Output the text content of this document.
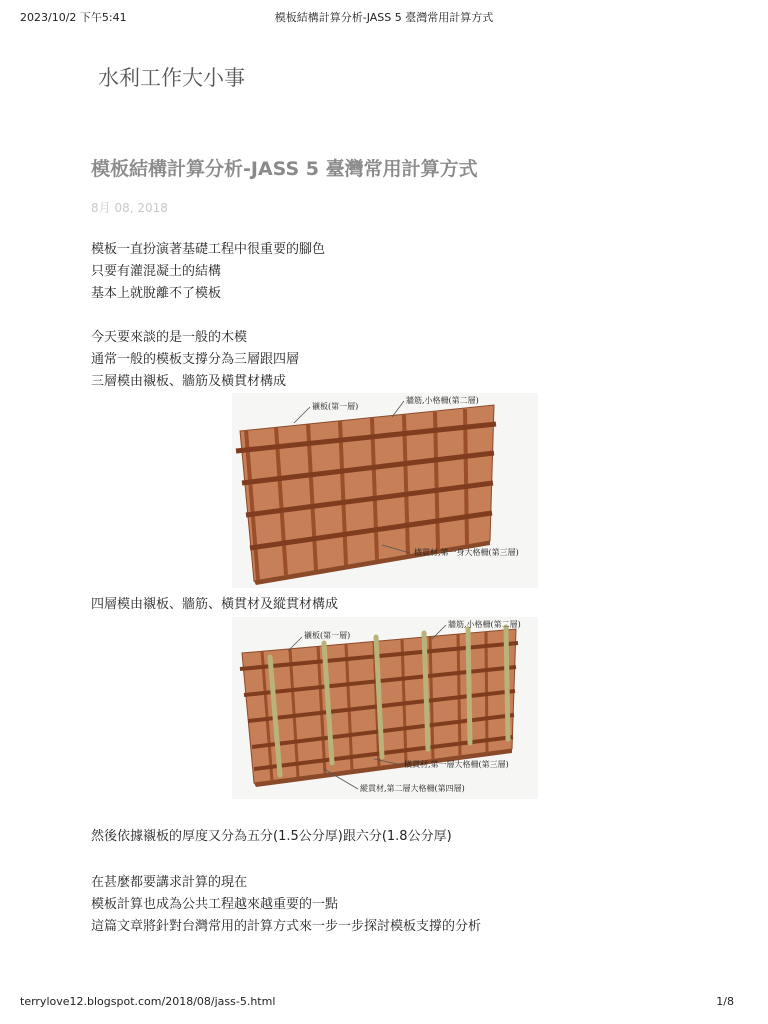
2023/10/2 下午5:41	模板結構計算分析-JASS 5 臺灣常用計算方式
水利工作大小事
模板結構計算分析-JASS 5 臺灣常用計算方式
8月 08, 2018
模板一直扮演著基礎工程中很重要的腳色
只要有灌混凝土的結構
基本上就脫離不了模板
今天要來談的是一般的木模
通常一般的模板支撐分為三層跟四層
三層模由襯板、牆筋及橫貫材構成
襯板(第一層)
牆筋,小格柵(第二層)
橫貫材,第一身大格柵(第三層)
四層模由襯板、牆筋、橫貫材及縱貫材構成
襯板(第一層)
牆筋,小格柵(第二層)
橫貫材,第一層大格柵(第三層)
縱貫材,第二層大格柵(第四層)
然後依據襯板的厚度又分為五分(1.5公分厚)跟六分(1.8公分厚)
在甚麼都要講求計算的現在
模板計算也成為公共工程越來越重要的一點
這篇文章將針對台灣常用的計算方式來一步一步探討模板支撐的分析
terrylove12.blogspot.com/2018/08/jass-5.html	1/8
